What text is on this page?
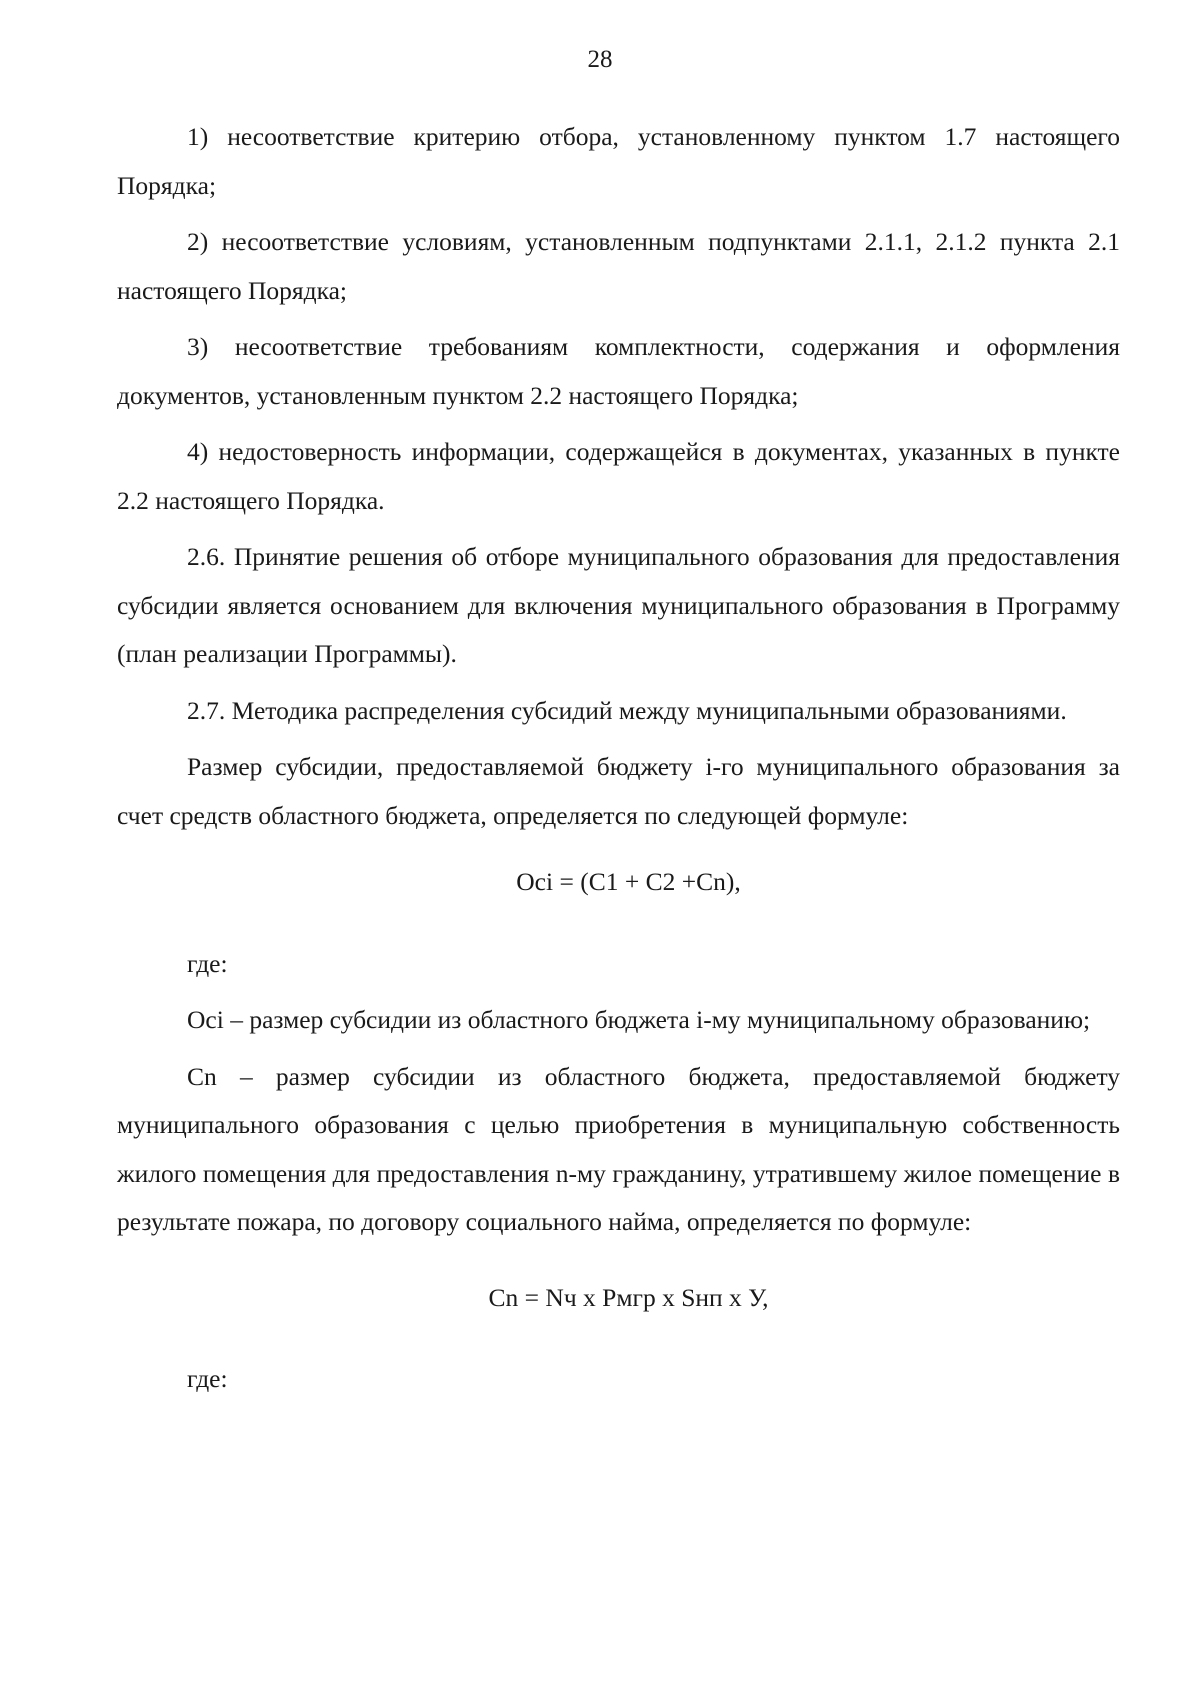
28

1) несоответствие критерию отбора, установленному пунктом 1.7 настоящего Порядка;

2) несоответствие условиям, установленным подпунктами 2.1.1, 2.1.2 пункта 2.1 настоящего Порядка;

3) несоответствие требованиям комплектности, содержания и оформления документов, установленным пунктом 2.2 настоящего Порядка;

4) недостоверность информации, содержащейся в документах, указанных в пункте 2.2 настоящего Порядка.

2.6. Принятие решения об отборе муниципального образования для предоставления субсидии является основанием для включения муниципального образования в Программу (план реализации Программы).

2.7. Методика распределения субсидий между муниципальными образованиями.

Размер субсидии, предоставляемой бюджету i-го муниципального образования за счет средств областного бюджета, определяется по следующей формуле:

Ocі = (С1 + С2 +Сn),

где:

Ocі – размер субсидии из областного бюджета i-му муниципальному образованию;

Сn – размер субсидии из областного бюджета, предоставляемой бюджету муниципального образования с целью приобретения в муниципальную собственность жилого помещения для предоставления n-му гражданину, утратившему жилое помещение в результате пожара, по договору социального найма, определяется по формуле:

Сn = Nч х Рмгр х Sнп х У,

где:
